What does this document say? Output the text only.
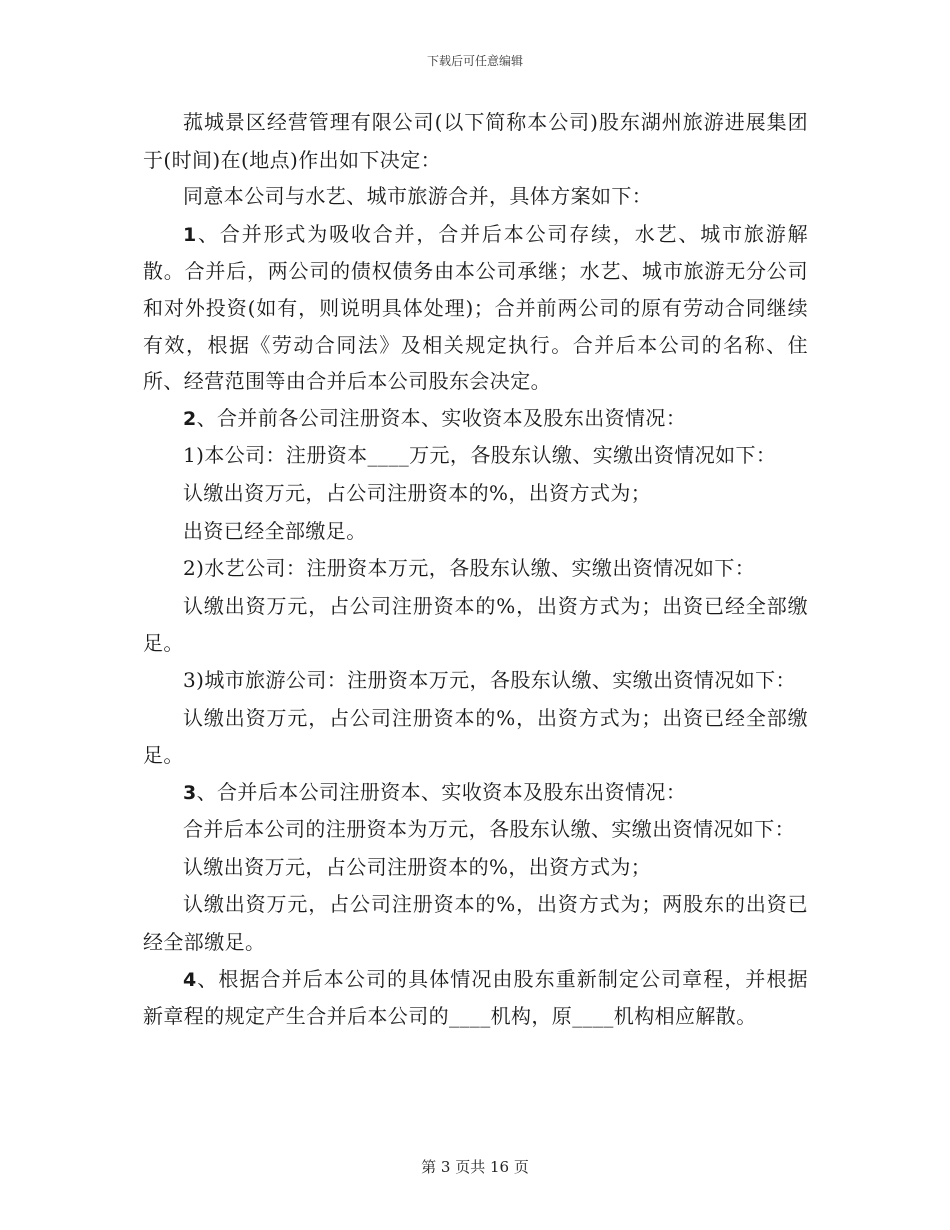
下载后可任意编辑

菰城景区经营管理有限公司(以下简称本公司)股东湖州旅游进展集团于(时间)在(地点)作出如下决定：

同意本公司与水艺、城市旅游合并，具体方案如下：

1、合并形式为吸收合并，合并后本公司存续，水艺、城市旅游解散。合并后，两公司的债权债务由本公司承继；水艺、城市旅游无分公司和对外投资(如有，则说明具体处理)；合并前两公司的原有劳动合同继续有效，根据《劳动合同法》及相关规定执行。合并后本公司的名称、住所、经营范围等由合并后本公司股东会决定。

2、合并前各公司注册资本、实收资本及股东出资情况：

1)本公司：注册资本____万元，各股东认缴、实缴出资情况如下：

认缴出资万元，占公司注册资本的%，出资方式为；

出资已经全部缴足。

2)水艺公司：注册资本万元，各股东认缴、实缴出资情况如下：

认缴出资万元，占公司注册资本的%，出资方式为；出资已经全部缴足。

3)城市旅游公司：注册资本万元，各股东认缴、实缴出资情况如下：

认缴出资万元，占公司注册资本的%，出资方式为；出资已经全部缴足。

3、合并后本公司注册资本、实收资本及股东出资情况：

合并后本公司的注册资本为万元，各股东认缴、实缴出资情况如下：

认缴出资万元，占公司注册资本的%，出资方式为；

认缴出资万元，占公司注册资本的%，出资方式为；两股东的出资已经全部缴足。

4、根据合并后本公司的具体情况由股东重新制定公司章程，并根据新章程的规定产生合并后本公司的____机构，原____机构相应解散。

第 3 页共 16 页
